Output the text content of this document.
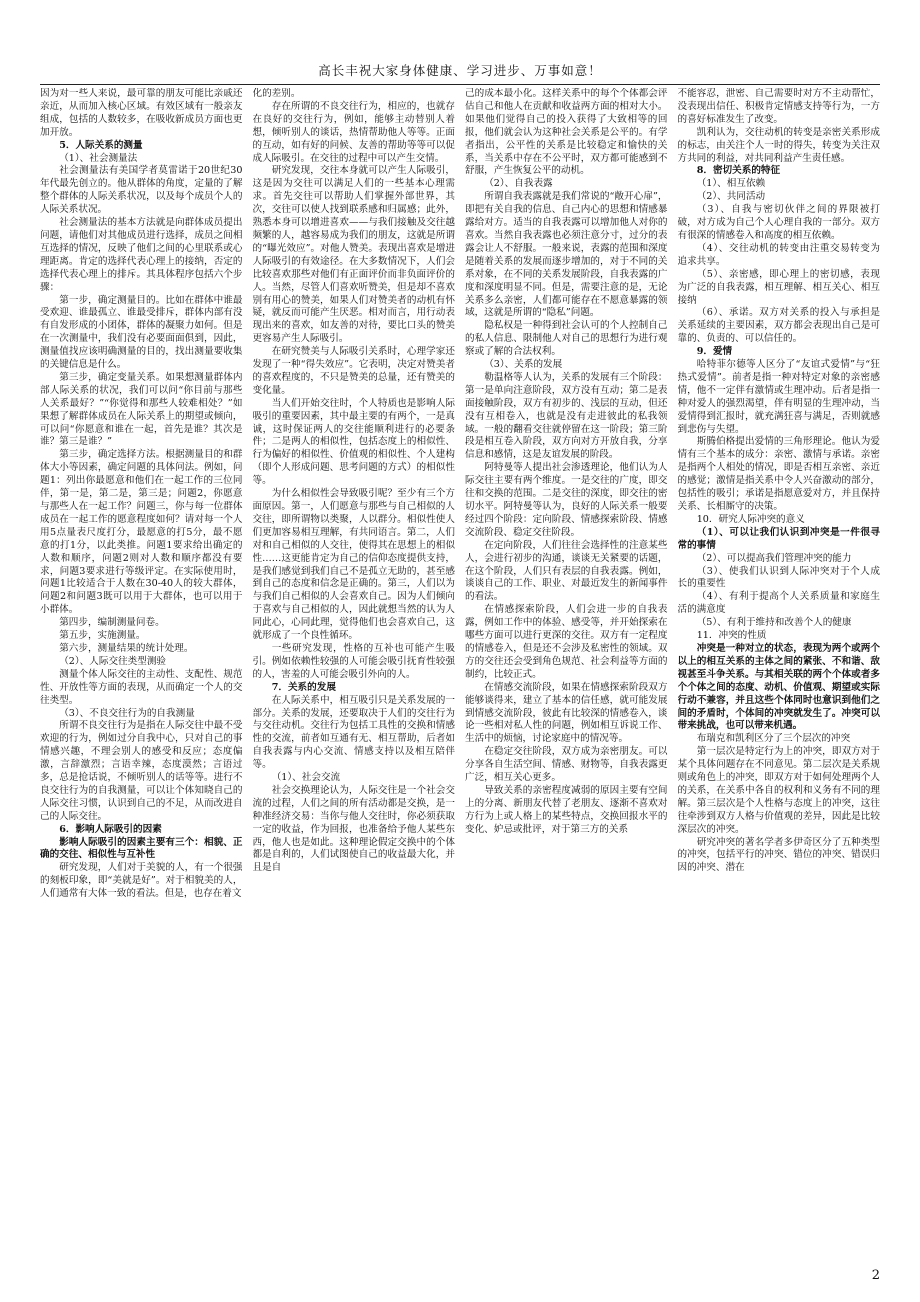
高长丰祝大家身体健康、学习进步、万事如意！

因为对一些人来说，最可靠的朋友可能比亲戚还亲近，从而加入核心区域。有效区域有一般亲友组成，包括的人数较多，在吸收新成员方面也更加开放。

5．人际关系的测量

（1）、社会测量法

社会测量法有美国学者莫雷诺于20世纪30年代最先创立的。他从群体的角度，定量的了解整个群体的人际关系状况，以及每个成员个人的人际关系状况。

社会测量法的基本方法就是向群体成员提出问题，请他们对其他成员进行选择，成员之间相互选择的情况，反映了他们之间的心里联系或心理距离。肯定的选择代表心理上的接纳，否定的选择代表心理上的排斥。其具体程序包括六个步骤：

第一步，确定测量目的。比如在群体中谁最受欢迎、谁最孤立、谁最受排斥，群体内部有没有自发形成的小团体，群体的凝聚力如何。但是在一次测量中，我们没有必要面面俱到，因此，测量值找应该明确测量的目的，找出测量要收集的关键信息是什么。

第三步，确定变量关系。如果想测量群体内部人际关系的状况，我们可以问“你目前与那些人关系最好？”“你觉得和那些人较难相处？”如果想了解群体成员在人际关系上的期望或倾向，可以问“你愿意和谁在一起，首先是谁？其次是谁？第三是谁？”

第三步，确定选择方法。根据测量目的和群体大小等因素，确定问题的具体问法。例如，问题1：列出你最愿意和他们在一起工作的三位同伴，第一是，第二是，第三是；问题2，你愿意与那些人在一起工作？问题三，你与每一位群体成员在一起工作的愿意程度如何？请对每一个人用5点量表尺度打分，最愿意的打5分，最不愿意的打1分，以此类推。问题1要求给出确定的人数和顺序，问题2则对人数和顺序都没有要求，问题3要求进行等级评定。在实际使用时，问题1比较适合于人数在30-40人的较大群体，问题2和问题3既可以用于大群体，也可以用于小群体。

第四步，编制测量问卷。

第五步，实施测量。

第六步，测量结果的统计处理。

（2）、人际交往类型测验

测量个体人际交往的主动性、支配性、规范性、开放性等方面的表现，从而确定一个人的交往类型。

（3）、不良交往行为的自我测量

所谓不良交往行为是指在人际交往中最不受欢迎的行为，例如过分自我中心，只对自己的事情感兴趣，不理会别人的感受和反应；态度偏激，言辞激烈；言语幸辣，态度漠然；言语过多，总是抢话说，不倾听别人的话等等。进行不良交往行为的自我测量，可以让个体知晓自己的人际交往习惯，认识到自己的不足，从而改进自己的人际交往。

6．影响人际吸引的因素

影响人际吸引的因素主要有三个：相貌、正确的交往、相似性与互补性

研究发现，人们对于美貌的人，有一个很强的刻板印象，即“美就是好”。对于相貌美的人，人们通常有大体一致的看法。但是，也存在着文

化的差别。

存在所谓的不良交往行为，相应的，也就存在良好的交往行为，例如，能够主动替别人着想，倾听别人的谈话，热情帮助他人等等。正面的互动，如有好的问候、友善的帮助等等可以促成人际吸引。在交往的过程中可以产生交情。

研究发现，交往本身就可以产生人际吸引，这是因为交往可以满足人们的一些基本心理需求。首先交往可以帮助人们掌握外部世界，其次，交往可以使人找到联系感和归属感；此外，熟悉本身可以增进喜欢——与我们接触及交往越频繁的人，越容易成为我们的朋友，这就是所谓的“曝光效应”。对他人赞美。表现出喜欢是增进人际吸引的有效途径。在大多数情况下，人们会比较喜欢那些对他们有正面评价而非负面评价的人。当然，尽管人们喜欢听赞美，但是却不喜欢别有用心的赞美，如果人们对赞美者的动机有怀疑，就反而可能产生厌恶。相对而言，用行动表现出来的喜欢，如友善的对待，要比口头的赞美更容易产生人际吸引。

在研究赞美与人际吸引关系时，心理学家还发现了一种“得失效应”。它表明，决定对赞美者的喜欢程度的，不只是赞美的总量，还有赞美的变化量。

当人们开始交往时，个人特质也是影响人际吸引的重要因素，其中最主要的有两个，一是真诚，这时保证两人的交往能顺利进行的必要条件；二是两人的相似性，包括态度上的相似性、行为偏好的相似性、价值观的相似性、个人建构（即个人形成问题、思考问题的方式）的相似性等。

为什么相似性会导致吸引呢？至少有三个方面原因。第一，人们愿意与那些与自己相似的人交往，即所谓物以类聚，人以群分。相似性使人们更加容易相互理解，有共同语言。第二，人们对和自己相似的人交往，使得其在思想上的相似性……这更能肯定为自己的信仰态度提供支持，是我们感觉到我们自己不是孤立无助的，甚至感到自己的态度和信念是正确的。第三，人们以为与我们自己相似的人会喜欢自己。因为人们倾向于喜欢与自己相似的人，因此就想当然的认为人同此心，心同此理，觉得他们也会喜欢自己，这就形成了一个良性循环。

一些研究发现，性格的互补也可能产生吸引。例如依赖性较强的人可能会吸引抚育性较强的人，害羞的人可能会吸引外向的人。

7．关系的发展

在人际关系中，相互吸引只是关系发展的一部分。关系的发展，还要取决于人们的交往行为与交往动机。交往行为包括工具性的交换和情感性的交流，前者如互通有无、相互帮助，后者如自我表露与内心交流、情感支持以及相互陪伴等。

（1）、社会交流

社会交换理论认为，人际交往是一个社会交流的过程，人们之间的所有活动都是交换，是一种准经济交易：当你与他人交往时，你必须获取一定的收益，作为回报，也准备给予他人某些东西，他人也是如此。这种理论假定交换中的个体都是自利的，人们试图使自己的收益最大化，并且是自

己的成本最小化。这样关系中的每个个体都会评估自己和他人在贡献和收益两方面的相对大小。如果他们觉得自己的投入获得了大致相等的回报，他们就会认为这种社会关系是公平的。有学者指出，公平性的关系是比较稳定和愉快的关系，当关系中存在不公平时，双方都可能感到不舒服，产生恢复公平的动机。

（2）、自我表露

所谓自我表露就是我们常说的“敞开心扉”，即把有关自我的信息、自己内心的思想和情感暴露给对方。适当的自我表露可以增加他人对你的喜欢。当然自我表露也必须注意分寸，过分的表露会让人不舒服。一般来说，表露的范围和深度是随着关系的发展而逐步增加的，对于不同的关系对象，在不同的关系发展阶段，自我表露的广度和深度明显不同。但是，需要注意的是，无论关系多么亲密，人们都可能存在不愿意暴露的领域，这就是所谓的“隐私”问题。

隐私权是一种得到社会认可的个人控制自己的私人信息、限制他人对自己的思想行为进行观察或了解的合法权利。

（3）、关系的发展

勒温格等人认为，关系的发展有三个阶段：第一是单向注意阶段，双方没有互动；第二是表面接触阶段，双方有初步的、浅层的互动，但还没有互相卷入，也就是没有走进彼此的私我领域。一般的翻看交往就停留在这一阶段；第三阶段是相互卷入阶段，双方向对方开放自我，分享信息和感情，这是友谊发展的阶段。

阿特曼等人提出社会渗透理论，他们认为人际交往主要有两个维度。一是交往的广度，即交往和交换的范围。二是交往的深度，即交往的密切水平。阿特曼等认为，良好的人际关系一般要经过四个阶段：定向阶段、情感探索阶段、情感交流阶段、稳定交往阶段。

在定向阶段，人们往往会选择性的注意某些人，会进行初步的沟通，谈谈无关紧要的话题，在这个阶段，人们只有表层的自我表露。例如，谈谈自己的工作、职业、对最近发生的新闻事件的看法。

在情感探索阶段，人们会进一步的自我表露，例如工作中的体验、感受等，并开始探索在哪些方面可以进行更深的交往。双方有一定程度的情感卷入，但是还不会涉及私密性的领域。双方的交往还会受到角色规范、社会利益等方面的制约，比较正式。

在情感交流阶段，如果在情感探索阶段双方能够谈得来，建立了基本的信任感，就可能发展到情感交流阶段，彼此有比较深的情感卷入，谈论一些相对私人性的问题，例如相互诉说工作、生活中的烦恼，讨论家庭中的情况等。

在稳定交往阶段，双方成为亲密朋友。可以分享各自生活空间、情感、财物等，自我表露更广泛，相互关心更多。

导致关系的亲密程度减弱的原因主要有空间上的分离、新朋友代替了老朋友、逐渐不喜欢对方行为上或人格上的某些特点，交换回报水平的变化、妒忌或批评，对于第三方的关系

不能容忍，泄密、自己需要时对方不主动帮忙，没表现出信任、积极肯定情感支持等行为，一方的喜好标准发生了改变。

凯利认为，交往动机的转变是亲密关系形成的标志，由关注个人一时的得失，转变为关注双方共同的利益，对共同利益产生责任感。

8．密切关系的特征

（1）、相互依赖

（2）、共同活动

（3）、自我与密切伙伴之间的界限被打破，对方成为自己个人心理自我的一部分。双方有很深的情感卷入和高度的相互依赖。

（4）、交往动机的转变由注重交易转变为追求共享。

（5）、亲密感，即心理上的密切感，表现为广泛的自我表露，相互理解、相互关心、相互接纳

（6）、承诺。双方对关系的投入与承担是关系延续的主要因素，双方都会表现出自己是可靠的、负责的、可以信任的。

9．爱情

哈特菲尔德等人区分了“友谊式爱情”与“狂热式爱情”。前者是指一种对特定对象的亲密感情，他不一定伴有激情或生理冲动。后者是指一种对爱人的强烈渴望，伴有明显的生理冲动，当爱情得到汇报时，就充满狂喜与满足，否则就感到悲伤与失望。

斯腾伯格提出爱情的三角形理论。他认为爱情有三个基本的成分：亲密、激情与承诺。亲密是指两个人相处的情况，即是否相互亲密、亲近的感觉；激情是指关系中令人兴奋激动的部分，包括性的吸引；承诺是指愿意爱对方，并且保持关系、长相厮守的决策。

10．研究人际冲突的意义

（1）、可以让我们认识到冲突是一件很寻常的事情

（2）、可以提高我们管理冲突的能力

（3）、使我们认识到人际冲突对于个人成长的重要性

（4）、有利于提高个人关系质量和家庭生活的满意度

（5）、有利于维持和改善个人的健康

11．冲突的性质

冲突是一种对立的状态，表现为两个或两个以上的相互关系的主体之间的紧张、不和谐、敌视甚至斗争关系。与其相关联的两个个体或者多个个体之间的态度、动机、价值观、期望或实际行动不兼容，并且这些个体同时也意识到他们之间的矛盾时，个体间的冲突就发生了。冲突可以带来挑战，也可以带来机遇。

布瑞克和凯利区分了三个层次的冲突

第一层次是特定行为上的冲突，即双方对于某个具体问题存在不同意见。第二层次是关系规则或角色上的冲突，即双方对于如何处理两个人的关系，在关系中各自的权利和义务有不同的理解。第三层次是个人性格与态度上的冲突，这往往牵涉到双方人格与价值观的差异，因此是比较深层次的冲突。

研究冲突的著名学者多伊奇区分了五种类型的冲突，包括平行的冲突、错位的冲突、错误归因的冲突、潜在

2
